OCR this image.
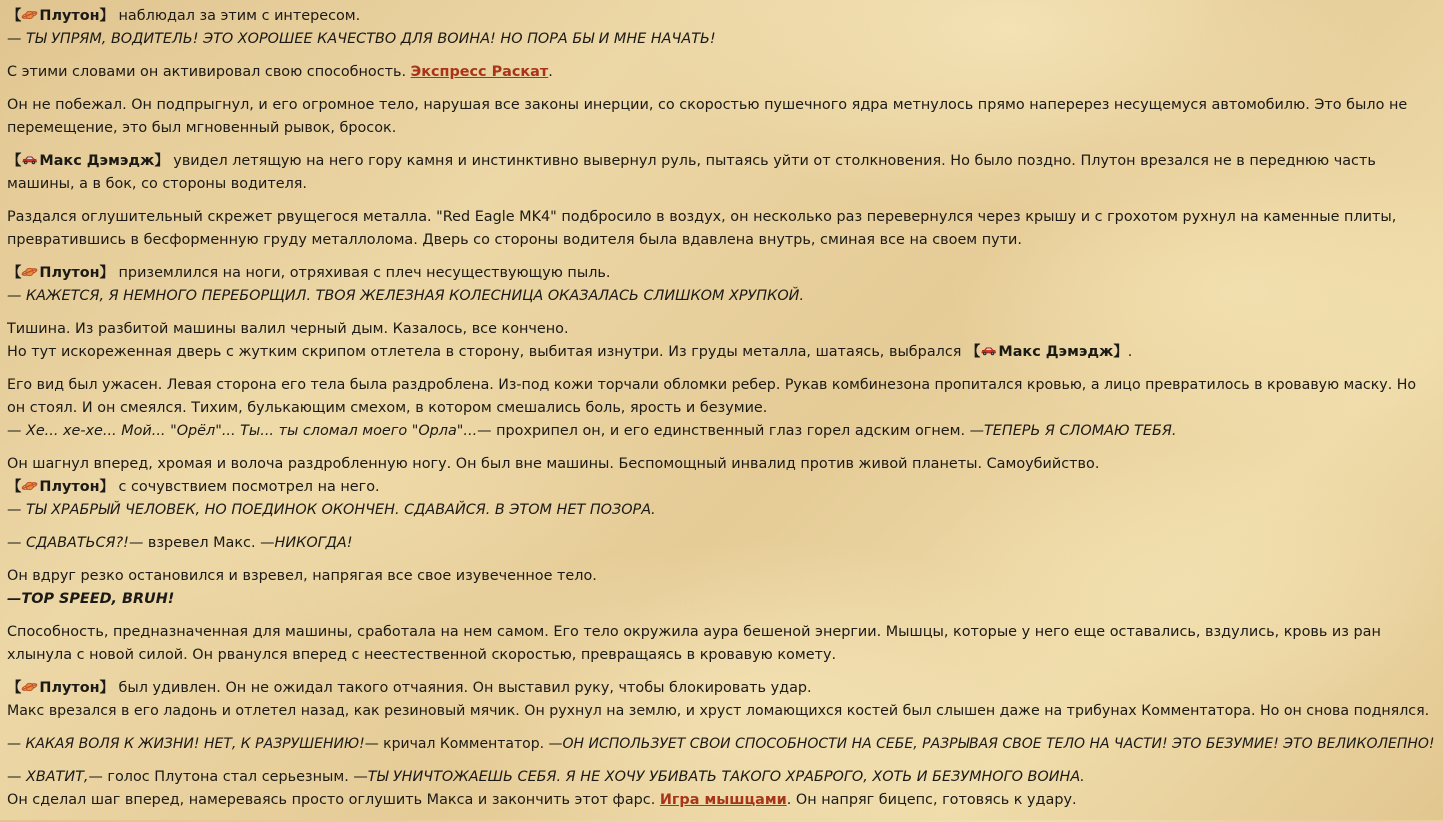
【 Плутон】 наблюдал за этим с интересом.
— ТЫ УПРЯМ, ВОДИТЕЛЬ! ЭТО ХОРОШЕЕ КАЧЕСТВО ДЛЯ ВОИНА! НО ПОРА БЫ И МНЕ НАЧАТЬ!
С этими словами он активировал свою способность. Экспресс Раскат.
Он не побежал. Он подпрыгнул, и его огромное тело, нарушая все законы инерции, со скоростью пушечного ядра метнулось прямо наперерез несущемуся автомобилю. Это было не
перемещение, это был мгновенный рывок, бросок.
【 Макс Дэмэдж】 увидел летящую на него гору камня и инстинктивно вывернул руль, пытаясь уйти от столкновения. Но было поздно. Плутон врезался не в переднюю часть
машины, а в бок, со стороны водителя.
Раздался оглушительный скрежет рвущегося металла. "Red Eagle MK4" подбросило в воздух, он несколько раз перевернулся через крышу и с грохотом рухнул на каменные плиты,
превратившись в бесформенную груду металлолома. Дверь со стороны водителя была вдавлена внутрь, сминая все на своем пути.
【 Плутон】 приземлился на ноги, отряхивая с плеч несуществующую пыль.
— КАЖЕТСЯ, Я НЕМНОГО ПЕРЕБОРЩИЛ. ТВОЯ ЖЕЛЕЗНАЯ КОЛЕСНИЦА ОКАЗАЛАСЬ СЛИШКОМ ХРУПКОЙ.
Тишина. Из разбитой машины валил черный дым. Казалось, все кончено.
Но тут искореженная дверь с жутким скрипом отлетела в сторону, выбитая изнутри. Из груды металла, шатаясь, выбрался 【 Макс Дэмэдж】.
Его вид был ужасен. Левая сторона его тела была раздроблена. Из-под кожи торчали обломки ребер. Рукав комбинезона пропитался кровью, а лицо превратилось в кровавую маску. Но
он стоял. И он смеялся. Тихим, булькающим смехом, в котором смешались боль, ярость и безумие.
— Хе... хе-хе... Мой... "Орёл"... Ты... ты сломал моего "Орла"...— прохрипел он, и его единственный глаз горел адским огнем. —ТЕПЕРЬ Я СЛОМАЮ ТЕБЯ.
Он шагнул вперед, хромая и волоча раздробленную ногу. Он был вне машины. Беспомощный инвалид против живой планеты. Самоубийство.
【 Плутон】 с сочувствием посмотрел на него.
— ТЫ ХРАБРЫЙ ЧЕЛОВЕК, НО ПОЕДИНОК ОКОНЧЕН. СДАВАЙСЯ. В ЭТОМ НЕТ ПОЗОРА.
— СДАВАТЬСЯ?!— взревел Макс. —НИКОГДА!
Он вдруг резко остановился и взревел, напрягая все свое изувеченное тело.
—TOP SPEED, BRUH!
Способность, предназначенная для машины, сработала на нем самом. Его тело окружила аура бешеной энергии. Мышцы, которые у него еще оставались, вздулись, кровь из ран
хлынула с новой силой. Он рванулся вперед с неестественной скоростью, превращаясь в кровавую комету.
【 Плутон】 был удивлен. Он не ожидал такого отчаяния. Он выставил руку, чтобы блокировать удар.
Макс врезался в его ладонь и отлетел назад, как резиновый мячик. Он рухнул на землю, и хруст ломающихся костей был слышен даже на трибунах Комментатора. Но он снова поднялся.
— КАКАЯ ВОЛЯ К ЖИЗНИ! НЕТ, К РАЗРУШЕНИЮ!— кричал Комментатор. —ОН ИСПОЛЬЗУЕТ СВОИ СПОСОБНОСТИ НА СЕБЕ, РАЗРЫВАЯ СВОЕ ТЕЛО НА ЧАСТИ! ЭТО БЕЗУМИЕ! ЭТО ВЕЛИКОЛЕПНО!
— ХВАТИТ,— голос Плутона стал серьезным. —ТЫ УНИЧТОЖАЕШЬ СЕБЯ. Я НЕ ХОЧУ УБИВАТЬ ТАКОГО ХРАБРОГО, ХОТЬ И БЕЗУМНОГО ВОИНА.
Он сделал шаг вперед, намереваясь просто оглушить Макса и закончить этот фарс. Игра мышцами. Он напряг бицепс, готовясь к удару.
